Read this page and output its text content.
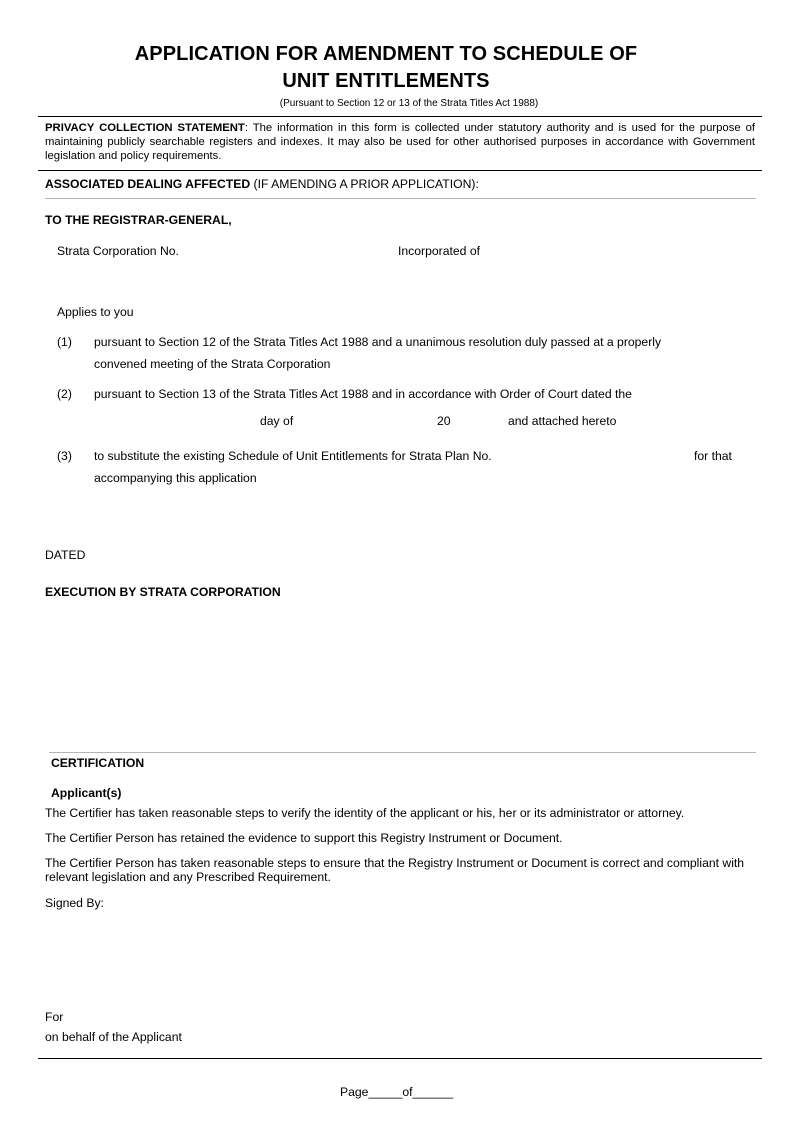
APPLICATION FOR AMENDMENT TO SCHEDULE OF
UNIT ENTITLEMENTS
(Pursuant to Section 12 or 13 of the Strata Titles Act 1988)
PRIVACY COLLECTION STATEMENT: The information in this form is collected under statutory authority and is used for the purpose of maintaining publicly searchable registers and indexes. It may also be used for other authorised purposes in accordance with Government legislation and policy requirements.
ASSOCIATED DEALING AFFECTED (IF AMENDING A PRIOR APPLICATION):
TO THE REGISTRAR-GENERAL,
Strata Corporation No.	Incorporated of
Applies to you
(1) pursuant to Section 12 of the Strata Titles Act 1988 and a unanimous resolution duly passed at a properly
convened meeting of the Strata Corporation
(2) pursuant to Section 13 of the Strata Titles Act 1988 and in accordance with Order of Court dated the
day of	20	and attached hereto
(3) to substitute the existing Schedule of Unit Entitlements for Strata Plan No.	for that
accompanying this application
DATED
EXECUTION BY STRATA CORPORATION
CERTIFICATION
Applicant(s)
The Certifier has taken reasonable steps to verify the identity of the applicant or his, her or its administrator or attorney.
The Certifier Person has retained the evidence to support this Registry Instrument or Document.
The Certifier Person has taken reasonable steps to ensure that the Registry Instrument or Document is correct and compliant with relevant legislation and any Prescribed Requirement.
Signed By:
For
on behalf of the Applicant
Page_____of______
